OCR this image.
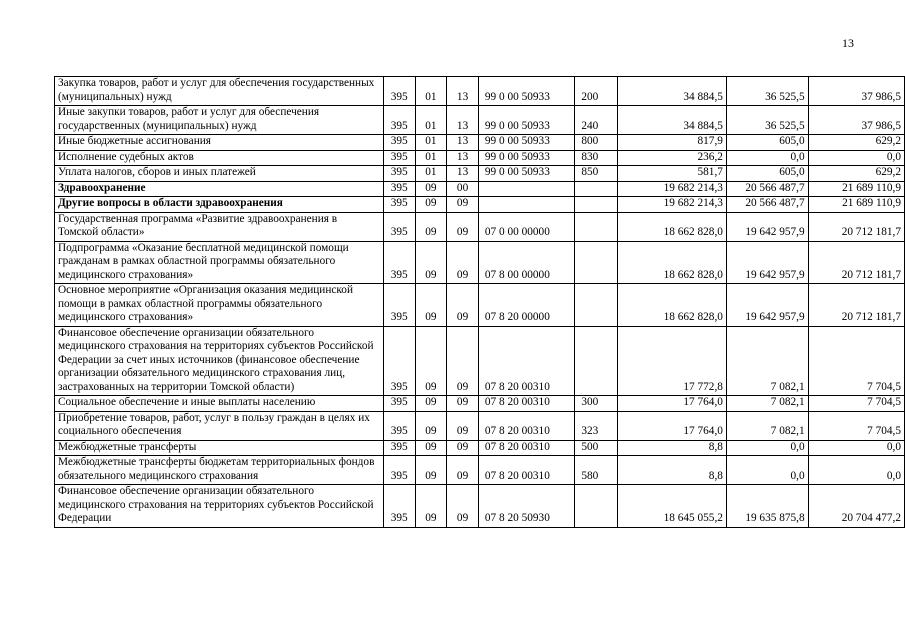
13
Закупка товаров, работ и услуг для обеспечения государственных (муниципальных) нужд	395	01	13	99 0 00 50933	200	34 884,5	36 525,5	37 986,5
Иные закупки товаров, работ и услуг для обеспечения государственных (муниципальных) нужд	395	01	13	99 0 00 50933	240	34 884,5	36 525,5	37 986,5
Иные бюджетные ассигнования	395	01	13	99 0 00 50933	800	817,9	605,0	629,2
Исполнение судебных актов	395	01	13	99 0 00 50933	830	236,2	0,0	0,0
Уплата налогов, сборов и иных платежей	395	01	13	99 0 00 50933	850	581,7	605,0	629,2
Здравоохранение	395	09	00			19 682 214,3	20 566 487,7	21 689 110,9
Другие вопросы в области здравоохранения	395	09	09			19 682 214,3	20 566 487,7	21 689 110,9
Государственная программа «Развитие здравоохранения в Томской области»	395	09	09	07 0 00 00000		18 662 828,0	19 642 957,9	20 712 181,7
Подпрограмма «Оказание бесплатной медицинской помощи гражданам в рамках областной программы обязательного медицинского страхования»	395	09	09	07 8 00 00000		18 662 828,0	19 642 957,9	20 712 181,7
Основное мероприятие «Организация оказания медицинской помощи в рамках областной программы обязательного медицинского страхования»	395	09	09	07 8 20 00000		18 662 828,0	19 642 957,9	20 712 181,7
Финансовое обеспечение организации обязательного медицинского страхования на территориях субъектов Российской Федерации за счет иных источников (финансовое обеспечение организации обязательного медицинского страхования лиц, застрахованных на территории Томской области)	395	09	09	07 8 20 00310		17 772,8	7 082,1	7 704,5
Социальное обеспечение и иные выплаты населению	395	09	09	07 8 20 00310	300	17 764,0	7 082,1	7 704,5
Приобретение товаров, работ, услуг в пользу граждан в целях их социального обеспечения	395	09	09	07 8 20 00310	323	17 764,0	7 082,1	7 704,5
Межбюджетные трансферты	395	09	09	07 8 20 00310	500	8,8	0,0	0,0
Межбюджетные трансферты бюджетам территориальных фондов обязательного медицинского страхования	395	09	09	07 8 20 00310	580	8,8	0,0	0,0
Финансовое обеспечение организации обязательного медицинского страхования на территориях субъектов Российской Федерации	395	09	09	07 8 20 50930		18 645 055,2	19 635 875,8	20 704 477,2
